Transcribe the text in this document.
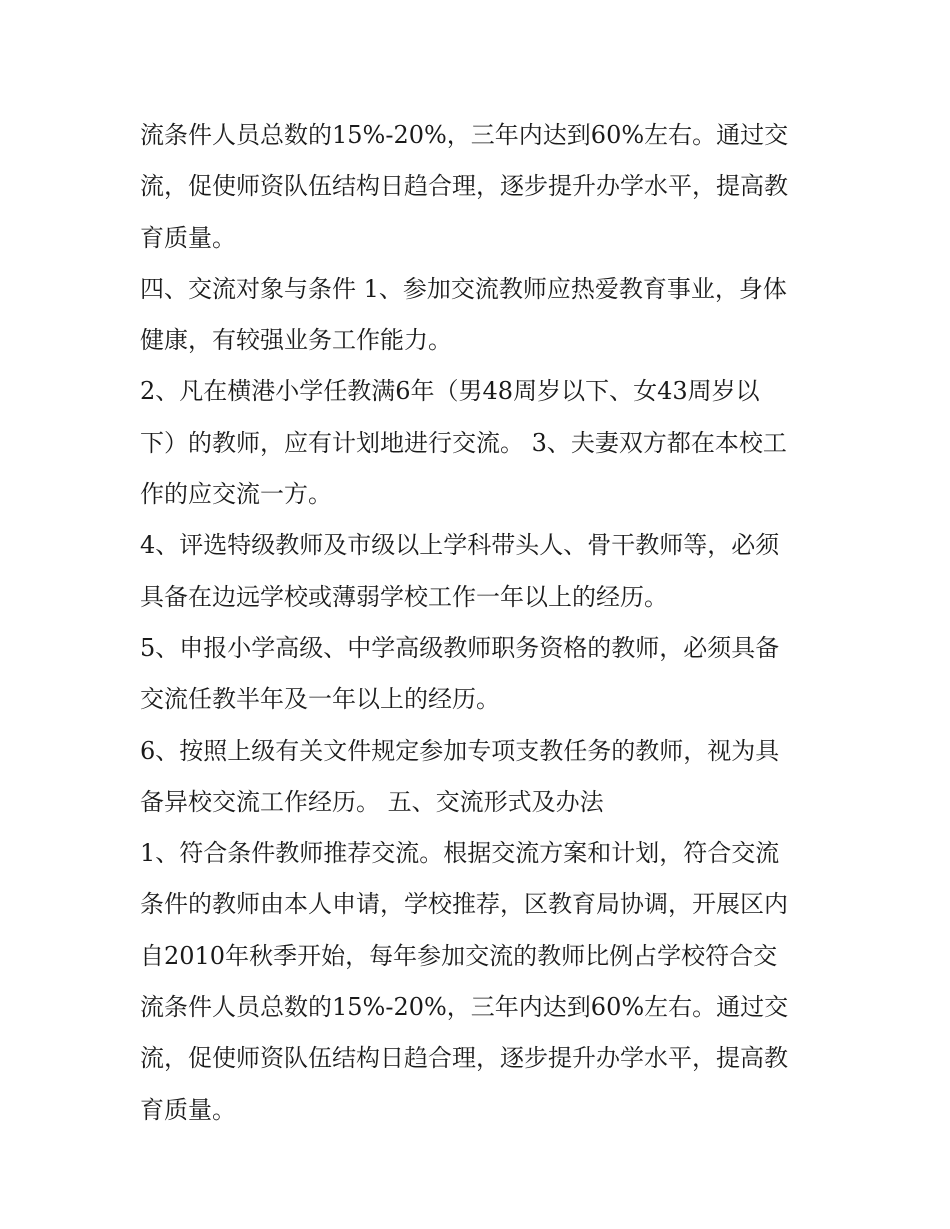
流条件人员总数的15%-20%，三年内达到60%左右。通过交
流，促使师资队伍结构日趋合理，逐步提升办学水平，提高教
育质量。

四、交流对象与条件 1、参加交流教师应热爱教育事业，身体
健康，有较强业务工作能力。

2、凡在横港小学任教满6年（男48周岁以下、女43周岁以
下）的教师，应有计划地进行交流。 3、夫妻双方都在本校工
作的应交流一方。

4、评选特级教师及市级以上学科带头人、骨干教师等，必须
具备在边远学校或薄弱学校工作一年以上的经历。

5、申报小学高级、中学高级教师职务资格的教师，必须具备
交流任教半年及一年以上的经历。

6、按照上级有关文件规定参加专项支教任务的教师，视为具
备异校交流工作经历。 五、交流形式及办法

1、符合条件教师推荐交流。根据交流方案和计划，符合交流
条件的教师由本人申请，学校推荐，区教育局协调，开展区内
自2010年秋季开始，每年参加交流的教师比例占学校符合交
流条件人员总数的15%-20%，三年内达到60%左右。通过交
流，促使师资队伍结构日趋合理，逐步提升办学水平，提高教
育质量。
